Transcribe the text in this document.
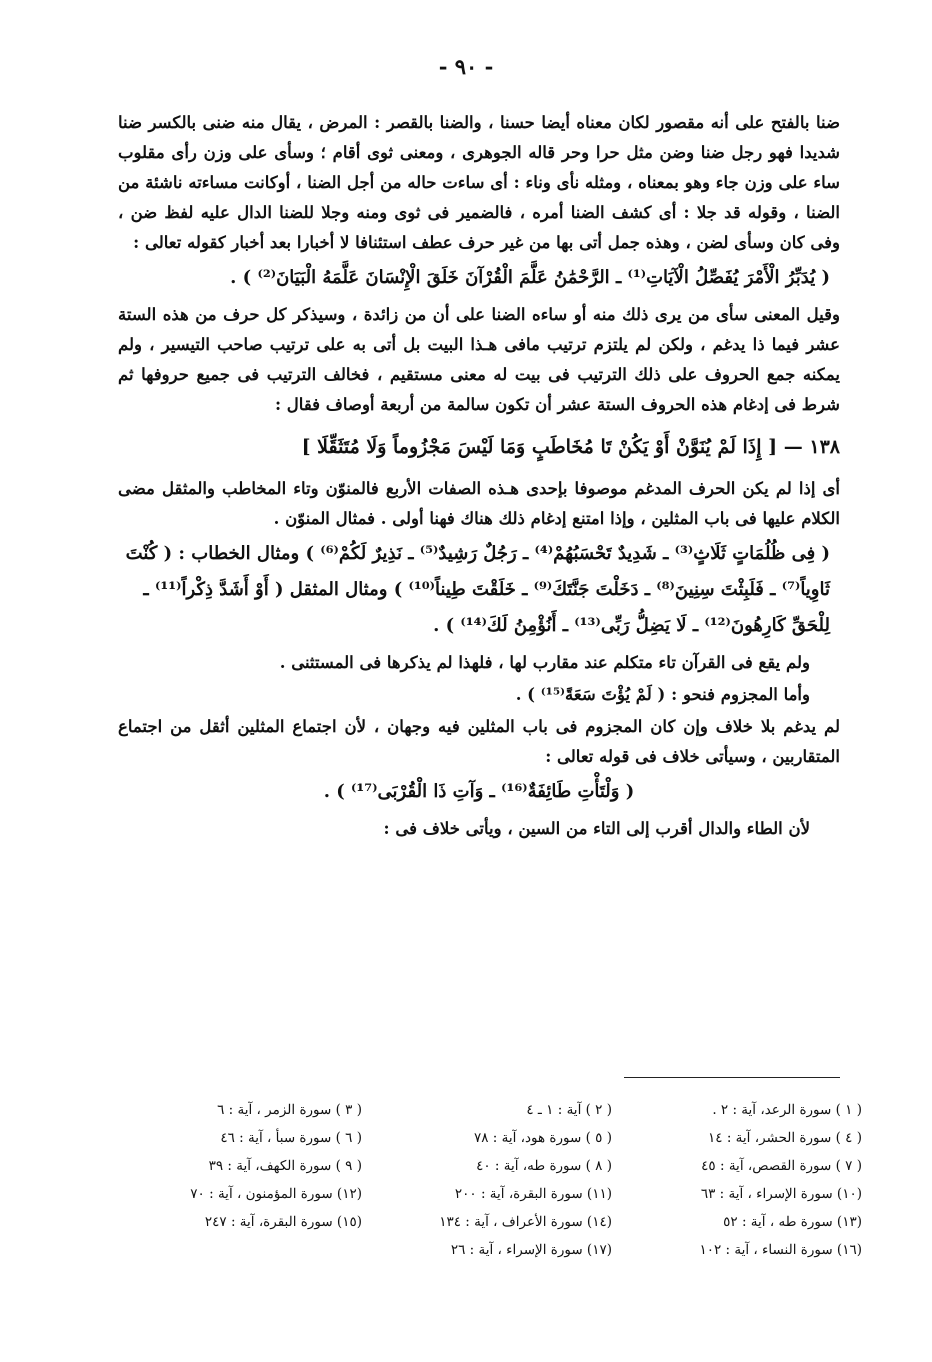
- ٩٠ -

ضنا بالفتح على أنه مقصور لكان معناه أيضا حسنا ، والضنا بالقصر : المرض ، يقال منه ضنى بالكسر ضنا شديدا فهو رجل ضنا وضن مثل حرا وحر قاله الجوهرى ، ومعنى ثوى أقام ؛ وسأى على وزن رأى مقلوب ساء على وزن جاء وهو بمعناه ، ومثله نأى وناء : أى ساءت حاله من أجل الضنا ، أوكانت مساءته ناشئة من الضنا ، وقوله قد جلا : أى كشف الضنا أمره ، فالضمير فى ثوى ومنه وجلا للضنا الدال عليه لفظ ضن ، وفى كان وسأى لضن ، وهذه جمل أتى بها من غير حرف عطف استئنافا لا أخبارا بعد أخبار كقوله تعالى :

( يُدَبِّرُ الْأَمْرَ يُفَصِّلُ الْآيَاتِ⁽¹⁾ ـ الرَّحْمَٰنُ عَلَّمَ الْقُرْآنَ خَلَقَ الْإِنْسَانَ عَلَّمَهُ الْبَيَانَ⁽²⁾ ) .

وقيل المعنى سأى من يرى ذلك منه أو ساءه الضنا على أن من زائدة ، وسيذكر كل حرف من هذه الستة عشر فيما ذا يدغم ، ولكن لم يلتزم ترتيب مافى هـذا البيت بل أتى به على ترتيب صاحب التيسير ، ولم يمكنه جمع الحروف على ذلك الترتيب فى بيت له معنى مستقيم ، فخالف الترتيب فى جميع حروفها ثم شرط فى إدغام هذه الحروف الستة عشر أن تكون سالمة من أربعة أوصاف فقال :

١٣٨ — [ إِذَا لَمْ يُنَوَّنْ أَوْ يَكُنْ تَا مُخَاطَبٍ وَمَا لَيْسَ مَجْزُوماً وَلَا مُتَثَقِّلَا ]

أى إذا لم يكن الحرف المدغم موصوفا بإحدى هـذه الصفات الأربع فالمنوّن وتاء المخاطب والمثقل مضى الكلام عليها فى باب المثلين ، وإذا امتنع إدغام ذلك هناك فهنا أولى . فمثال المنوّن .

( فِى ظُلُمَاتٍ ثَلَاثٍ⁽³⁾ ـ شَدِيدٌ تَحْسَبُهُمْ⁽⁴⁾ ـ رَجُلٌ رَشِيدٌ⁽⁵⁾ ـ نَذِيرٌ لَكُمْ⁽⁶⁾ ) ومثال الخطاب : ( كُنْتَ ثَاوِياً⁽⁷⁾ ـ فَلَبِثْتَ سِنِينَ⁽⁸⁾ ـ دَخَلْتَ جَنَّتَكَ⁽⁹⁾ ـ خَلَقْتَ طِيناً⁽¹⁰⁾ ) ومثال المثقل ( أَوْ أَشَدَّ ذِكْراً⁽¹¹⁾ ـ لِلْحَقِّ كَارِهُونَ⁽¹²⁾ ـ لَا يَضِلُّ رَبِّى⁽¹³⁾ ـ أَنُؤْمِنُ لَكَ⁽¹⁴⁾ ) .

ولم يقع فى القرآن تاء متكلم عند مقارب لها ، فلهذا لم يذكرها فى المستثنى .

وأما المجزوم فنحو : ( لَمْ يُؤْتَ سَعَةً⁽¹⁵⁾ ) .

لم يدغم بلا خلاف وإن كان المجزوم فى باب المثلين فيه وجهان ، لأن اجتماع المثلين أثقل من اجتماع المتقاربين ، وسيأتى خلاف فى قوله تعالى :

( وَلْتَأْتِ طَائِفَةٌ⁽¹⁶⁾ ـ وَآتِ ذَا الْقُرْبَى⁽¹⁷⁾ ) .

لأن الطاء والدال أقرب إلى التاء من السين ، ويأتى خلاف فى :

( ١ ) سورة الرعد، آية : ٢ .
( ٤ ) سورة الحشر، آية : ١٤
( ٧ ) سورة القصص، آية : ٤٥
(١٠) سورة الإسراء ، آية : ٦٣
(١٣) سورة طه ، آية : ٥٢
(١٦) سورة النساء ، آية : ١٠٢
( ٢ ) آية : ١ ـ ٤
( ٥ ) سورة هود، آية : ٧٨
( ٨ ) سورة طه، آية : ٤٠
(١١) سورة البقرة، آية : ٢٠٠
(١٤) سورة الأعراف ، آية : ١٣٤
(١٧) سورة الإسراء ، آية : ٢٦
( ٣ ) سورة الزمر ، آية : ٦
( ٦ ) سورة سبأ ، آية : ٤٦
( ٩ ) سورة الكهف، آية : ٣٩
(١٢) سورة المؤمنون ، آية : ٧٠
(١٥) سورة البقرة، آية : ٢٤٧
